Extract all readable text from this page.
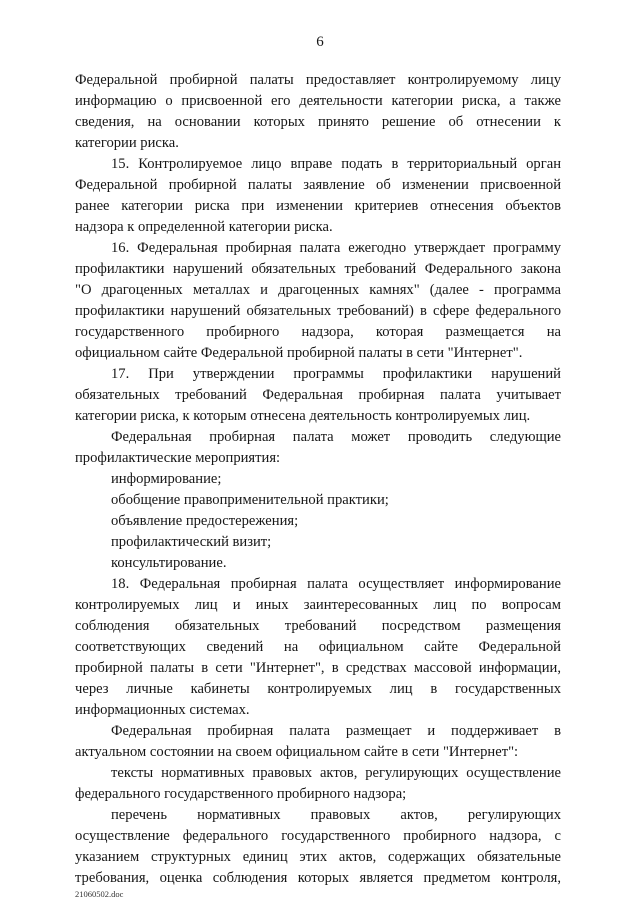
6
Федеральной пробирной палаты предоставляет контролируемому лицу
информацию о присвоенной его деятельности категории риска, а также
сведения, на основании которых принято решение об отнесении к
категории риска.
15. Контролируемое лицо вправе подать в территориальный орган
Федеральной пробирной палаты заявление об изменении присвоенной
ранее категории риска при изменении критериев отнесения объектов
надзора к определенной категории риска.
16. Федеральная пробирная палата ежегодно утверждает программу
профилактики нарушений обязательных требований Федерального закона
"О драгоценных металлах и драгоценных камнях" (далее - программа
профилактики нарушений обязательных требований) в сфере федерального
государственного пробирного надзора, которая размещается на
официальном сайте Федеральной пробирной палаты в сети "Интернет".
17. При утверждении программы профилактики нарушений
обязательных требований Федеральная пробирная палата учитывает
категории риска, к которым отнесена деятельность контролируемых лиц.
Федеральная пробирная палата может проводить следующие
профилактические мероприятия:
информирование;
обобщение правоприменительной практики;
объявление предостережения;
профилактический визит;
консультирование.
18. Федеральная пробирная палата осуществляет информирование
контролируемых лиц и иных заинтересованных лиц по вопросам
соблюдения обязательных требований посредством размещения
соответствующих сведений на официальном сайте Федеральной
пробирной палаты в сети "Интернет", в средствах массовой информации,
через личные кабинеты контролируемых лиц в государственных
информационных системах.
Федеральная пробирная палата размещает и поддерживает в
актуальном состоянии на своем официальном сайте в сети "Интернет":
тексты нормативных правовых актов, регулирующих осуществление
федерального государственного пробирного надзора;
перечень нормативных правовых актов, регулирующих
осуществление федерального государственного пробирного надзора, с
указанием структурных единиц этих актов, содержащих обязательные
требования, оценка соблюдения которых является предметом контроля,
21060502.doc
